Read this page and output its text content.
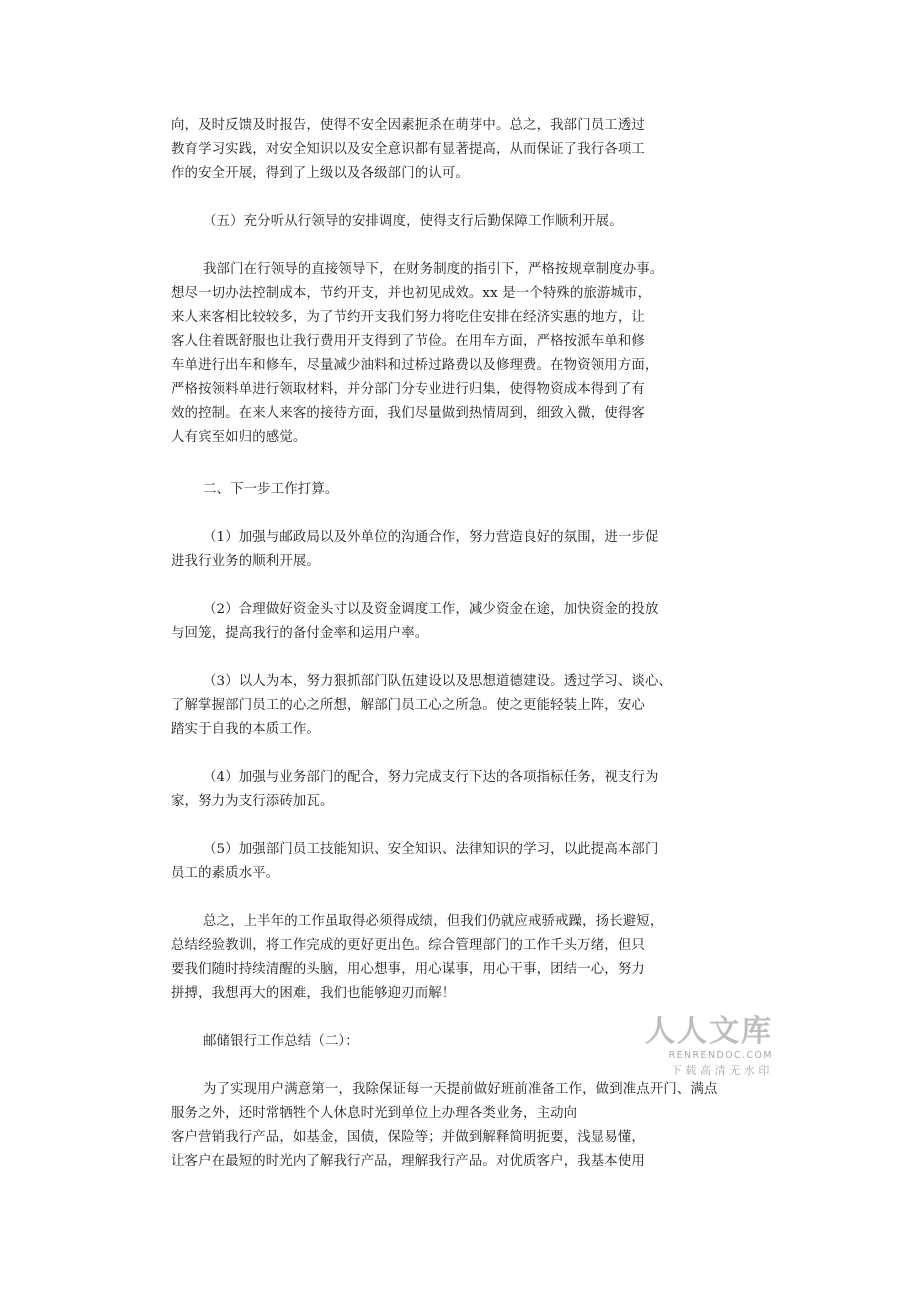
向，及时反馈及时报告，使得不安全因素扼杀在萌芽中。总之，我部门员工透过
教育学习实践，对安全知识以及安全意识都有显著提高，从而保证了我行各项工
作的安全开展，得到了上级以及各级部门的认可。
（五）充分听从行领导的安排调度，使得支行后勤保障工作顺利开展。
我部门在行领导的直接领导下，在财务制度的指引下，严格按规章制度办事。
想尽一切办法控制成本，节约开支，并也初见成效。xx 是一个特殊的旅游城市，
来人来客相比较较多，为了节约开支我们努力将吃住安排在经济实惠的地方，让
客人住着既舒服也让我行费用开支得到了节俭。在用车方面，严格按派车单和修
车单进行出车和修车，尽量减少油料和过桥过路费以及修理费。在物资领用方面，
严格按领料单进行领取材料，并分部门分专业进行归集，使得物资成本得到了有
效的控制。在来人来客的接待方面，我们尽量做到热情周到，细致入微，使得客
人有宾至如归的感觉。
二、下一步工作打算。
（1）加强与邮政局以及外单位的沟通合作，努力营造良好的氛围，进一步促
进我行业务的顺利开展。
（2）合理做好资金头寸以及资金调度工作，减少资金在途，加快资金的投放
与回笼，提高我行的备付金率和运用户率。
（3）以人为本，努力狠抓部门队伍建设以及思想道德建设。透过学习、谈心、
了解掌握部门员工的心之所想，解部门员工心之所急。使之更能轻装上阵，安心
踏实于自我的本质工作。
（4）加强与业务部门的配合，努力完成支行下达的各项指标任务，视支行为
家，努力为支行添砖加瓦。
（5）加强部门员工技能知识、安全知识、法律知识的学习，以此提高本部门
员工的素质水平。
总之，上半年的工作虽取得必须得成绩，但我们仍就应戒骄戒躁，扬长避短，
总结经验教训，将工作完成的更好更出色。综合管理部门的工作千头万绪，但只
要我们随时持续清醒的头脑，用心想事，用心谋事，用心干事，团结一心，努力
拼搏，我想再大的困难，我们也能够迎刃而解！
邮储银行工作总结（二）：
为了实现用户满意第一，我除保证每一天提前做好班前准备工作，做到准点开门、满点
服务之外，还时常牺牲个人休息时光到单位上办理各类业务，主动向
客户营销我行产品，如基金，国债，保险等；并做到解释简明扼要，浅显易懂，
让客户在最短的时光内了解我行产品，理解我行产品。对优质客户，我基本使用
人人文库
RENRENDOC.COM
下载高清无水印
